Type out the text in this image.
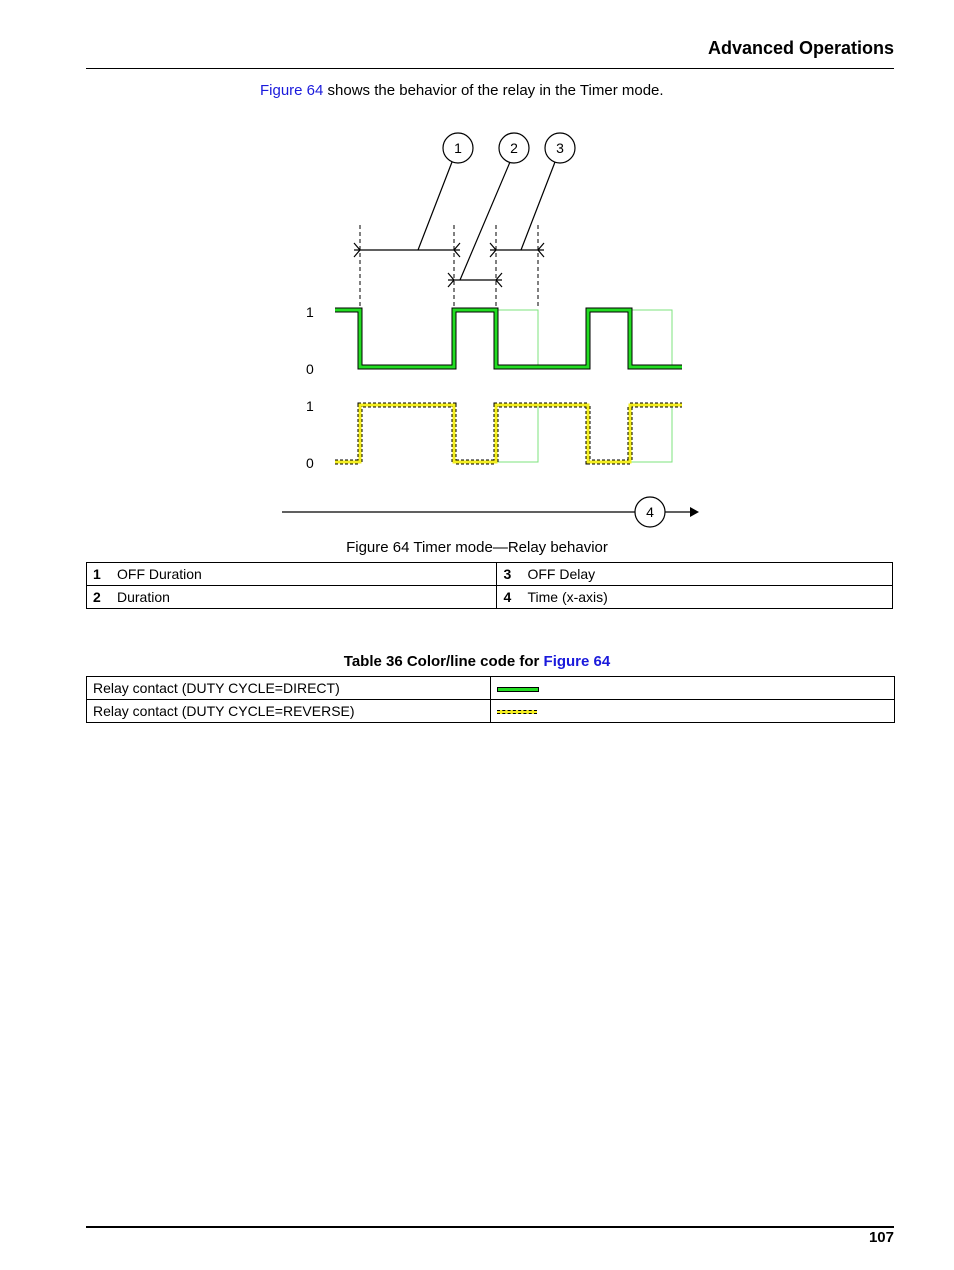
Advanced Operations
Figure 64 shows the behavior of the relay in the Timer mode.
1	2	3
1
0
1
0
4
Figure 64 Timer mode—Relay behavior
1 OFF Duration	3 OFF Delay
2 Duration	4 Time (x-axis)
Table 36 Color/line code for Figure 64
Relay contact (DUTY CYCLE=DIRECT)	
Relay contact (DUTY CYCLE=REVERSE)	
107
